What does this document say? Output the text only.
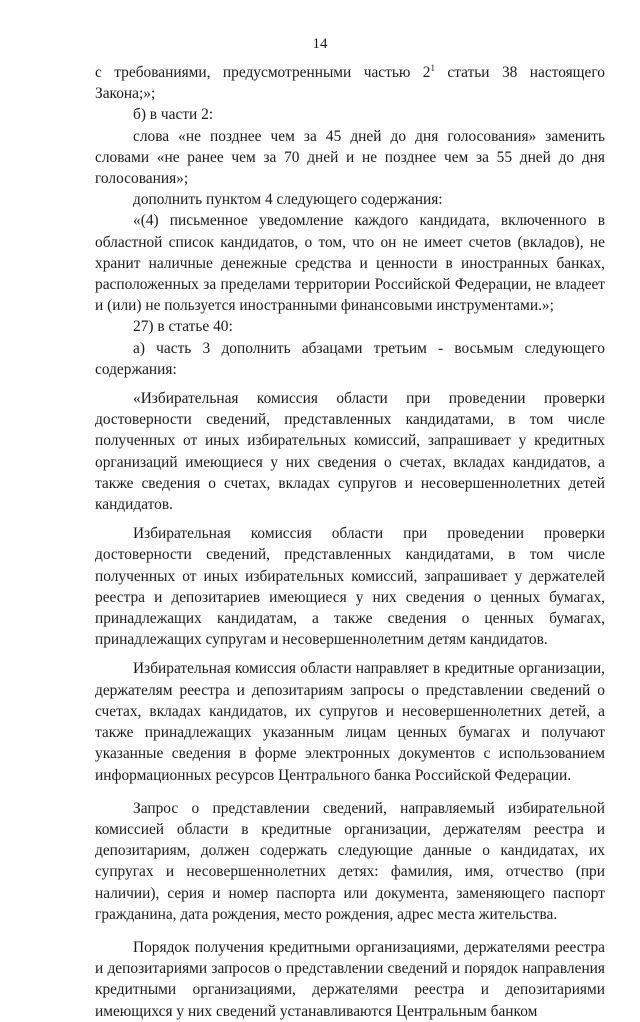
14

с требованиями, предусмотренными частью $2^1$ статьи 38 настоящего Закона;»;

б) в части 2:

слова «не позднее чем за 45 дней до дня голосования» заменить словами «не ранее чем за 70 дней и не позднее чем за 55 дней до дня голосования»;

дополнить пунктом 4 следующего содержания:

«(4) письменное уведомление каждого кандидата, включенного в областной список кандидатов, о том, что он не имеет счетов (вкладов), не хранит наличные денежные средства и ценности в иностранных банках, расположенных за пределами территории Российской Федерации, не владеет и (или) не пользуется иностранными финансовыми инструментами.»;

27) в статье 40:

а) часть 3 дополнить абзацами третьим - восьмым следующего содержания:

«Избирательная комиссия области при проведении проверки достоверности сведений, представленных кандидатами, в том числе полученных от иных избирательных комиссий, запрашивает у кредитных организаций имеющиеся у них сведения о счетах, вкладах кандидатов, а также сведения о счетах, вкладах супругов и несовершеннолетних детей кандидатов.

Избирательная комиссия области при проведении проверки достоверности сведений, представленных кандидатами, в том числе полученных от иных избирательных комиссий, запрашивает у держателей реестра и депозитариев имеющиеся у них сведения о ценных бумагах, принадлежащих кандидатам, а также сведения о ценных бумагах, принадлежащих супругам и несовершеннолетним детям кандидатов.

Избирательная комиссия области направляет в кредитные организации, держателям реестра и депозитариям запросы о представлении сведений о счетах, вкладах кандидатов, их супругов и несовершеннолетних детей, а также принадлежащих указанным лицам ценных бумагах и получают указанные сведения в форме электронных документов с использованием информационных ресурсов Центрального банка Российской Федерации.

Запрос о представлении сведений, направляемый избирательной комиссией области в кредитные организации, держателям реестра и депозитариям, должен содержать следующие данные о кандидатах, их супругах и несовершеннолетних детях: фамилия, имя, отчество (при наличии), серия и номер паспорта или документа, заменяющего паспорт гражданина, дата рождения, место рождения, адрес места жительства.

Порядок получения кредитными организациями, держателями реестра и депозитариями запросов о представлении сведений и порядок направления кредитными организациями, держателями реестра и депозитариями имеющихся у них сведений устанавливаются Центральным банком
